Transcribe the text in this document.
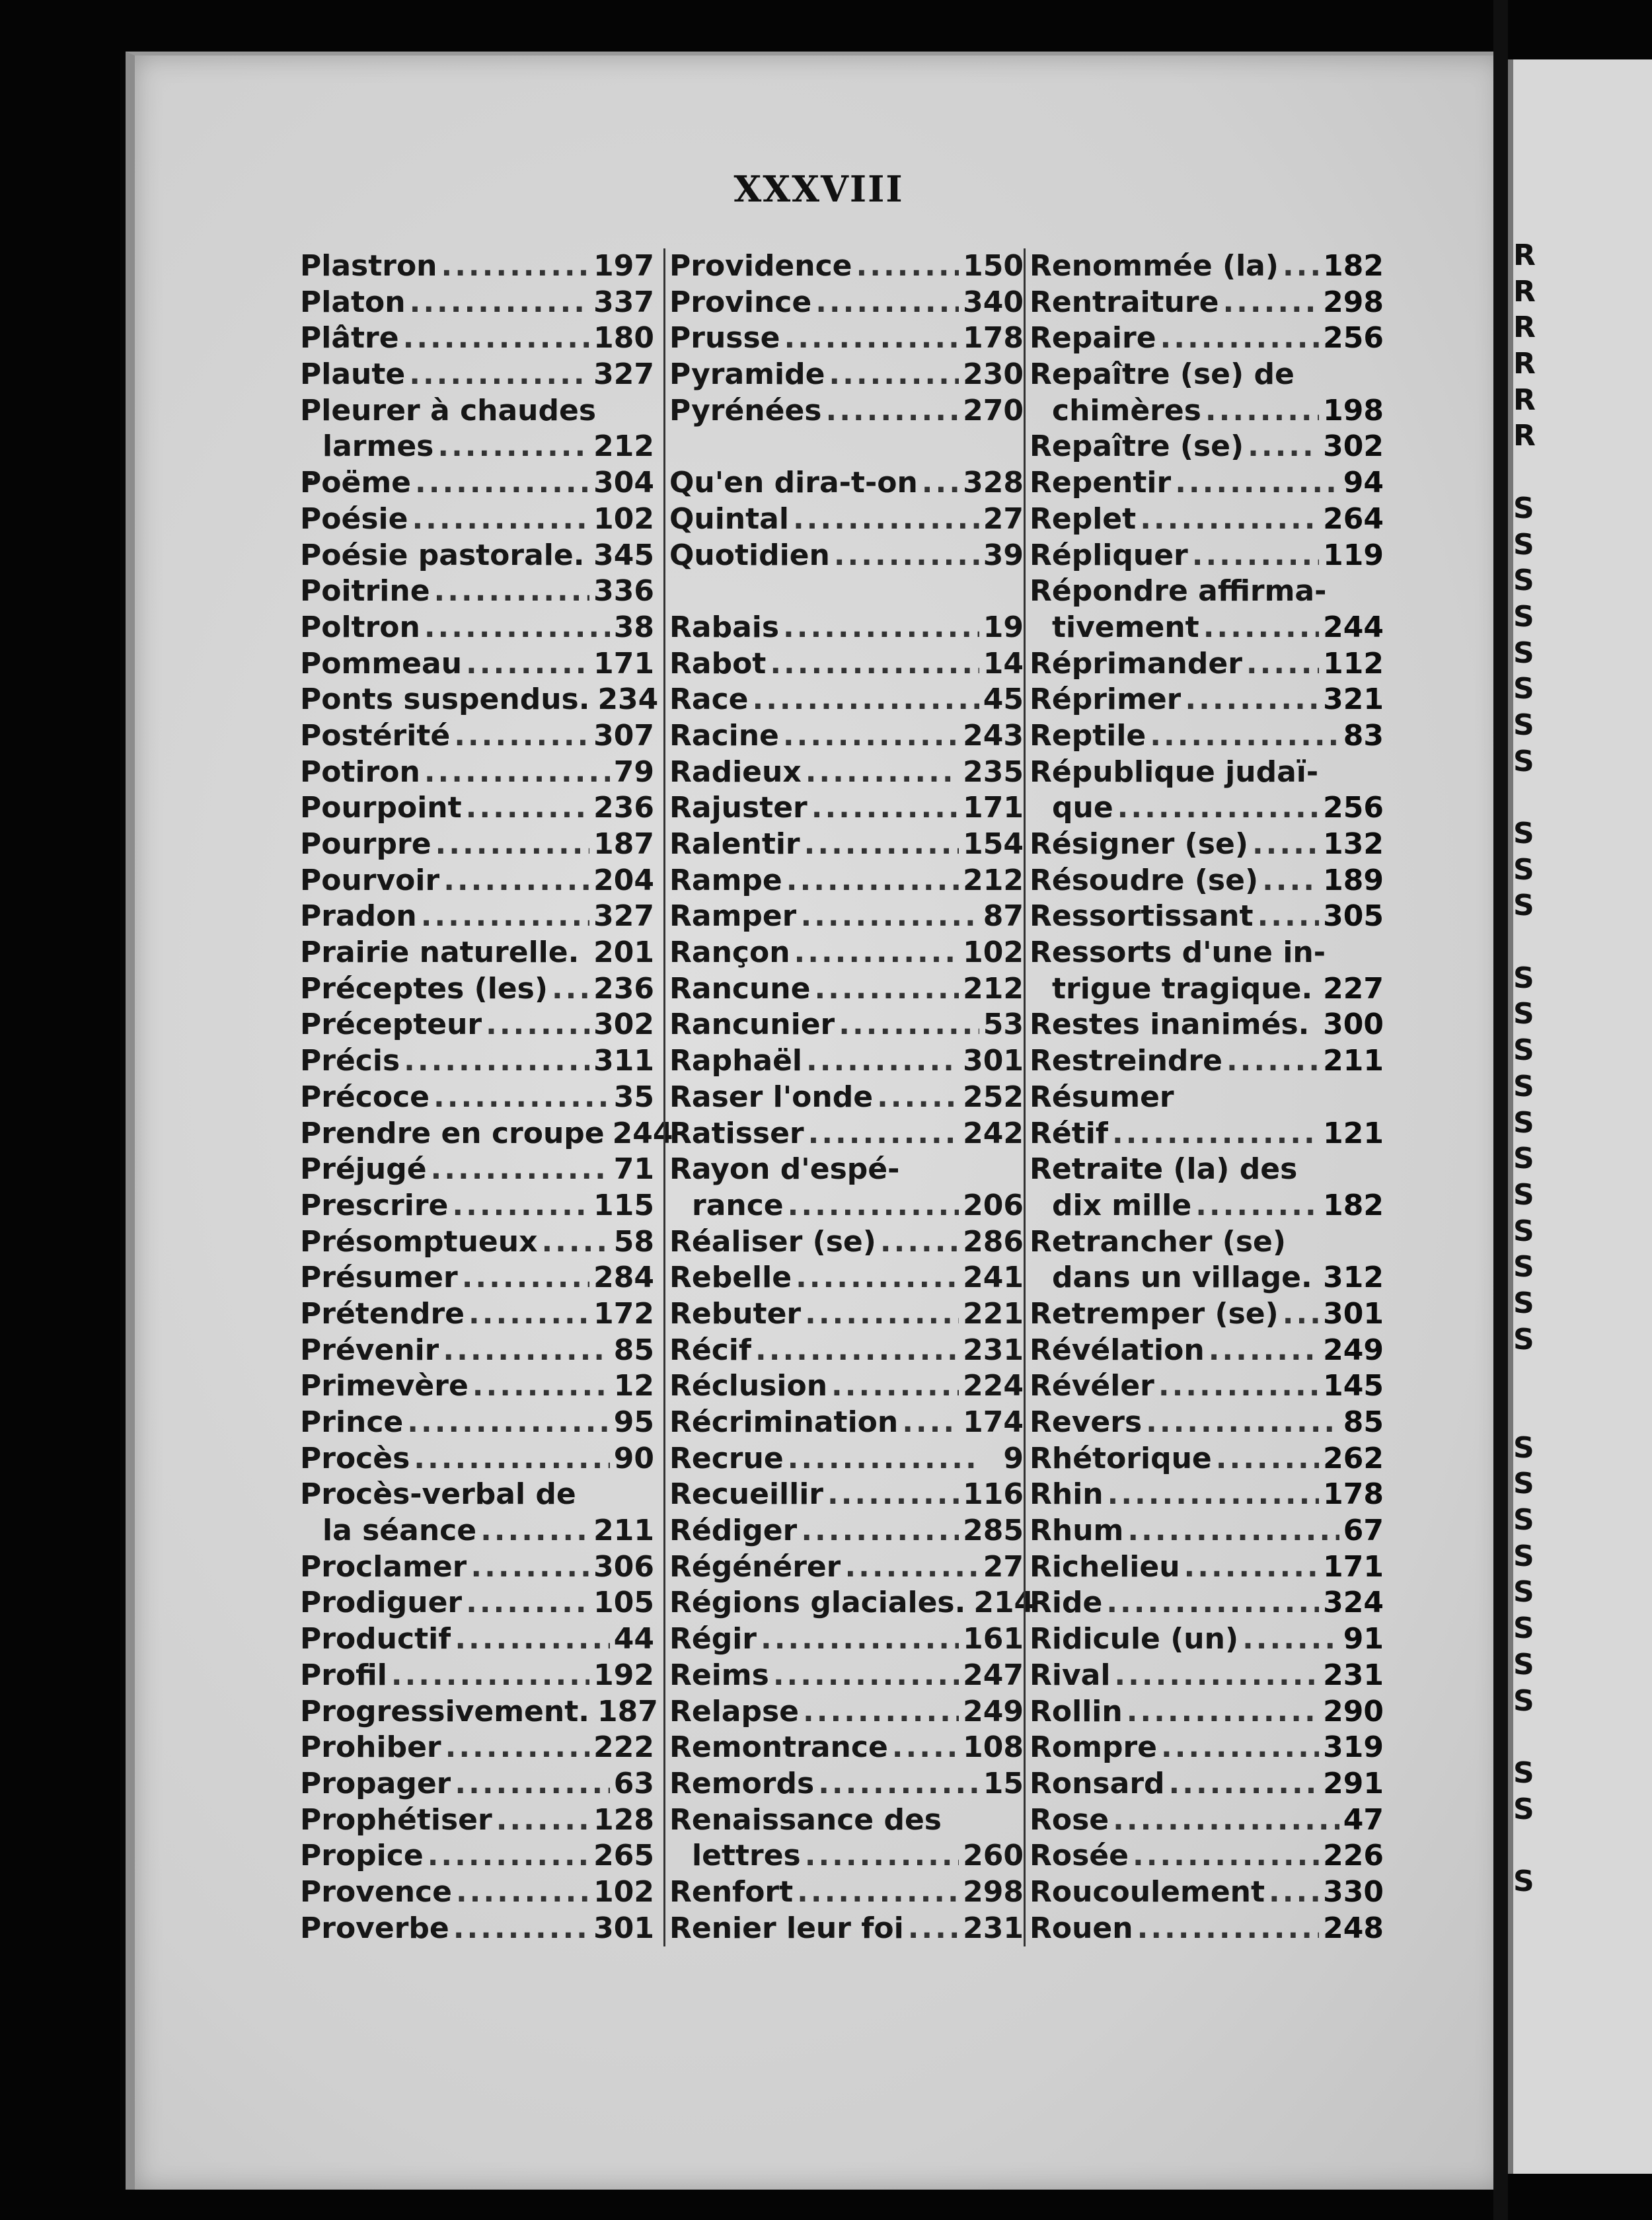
XXXVIII
Plastron .....	197
Platon .....	337
Plâtre .....	180
Plaute .....	327
Pleurer à chaudes
larmes .....	212
Poëme .....	304
Poésie .....	102
Poésie pastorale. 345
Poitrine .....	336
Poltron .....	38
Pommeau .....	171
Ponts suspendus. 234
Postérité .....	307
Potiron .....	79
Pourpoint .....	236
Pourpre .....	187
Pourvoir .....	204
Pradon .....	327
Prairie naturelle. 201
Préceptes (les) ..... 236
Précepteur .....	302
Précis .....	311
Précoce .....	35
Prendre en croupe 244
Préjugé .....	71
Prescrire .....	115
Présomptueux .....	58
Présumer .....	284
Prétendre .....	172
Prévenir .....	85
Primevère .....	12
Prince .....	95
Procès .....	90
Procès-verbal de
la séance .....	211
Proclamer .....	306
Prodiguer .....	105
Productif .....	44
Profil .....	192
Progressivement. 187
Prohiber .....	222
Propager .....	63
Prophétiser .....	128
Propice .....	265
Provence .....	102
Proverbe .....	301
Providence .....	150
Province .....	340
Prusse .....	178
Pyramide .....	230
Pyrénées .....	270
Qu'en dira-t-on ..... 328
Quintal .....	27
Quotidien .....	39
Rabais .....	19
Rabot .....	14
Race .....	45
Racine .....	243
Radieux .....	235
Rajuster .....	171
Ralentir .....	154
Rampe .....	212
Ramper .....	87
Rançon .....	102
Rancune .....	212
Rancunier .....	53
Raphaël .....	301
Raser l'onde .....	252
Ratisser .....	242
Rayon d'espé-
rance .....	206
Réaliser (se) .....	286
Rebelle .....	241
Rebuter .....	221
Récif .....	231
Réclusion .....	224
Récrimination ..... 174
Recrue .....	9
Recueillir .....	116
Rédiger .....	285
Régénérer .....	27
Régions glaciales. 214
Régir .....	161
Reims .....	247
Relapse .....	249
Remontrance .....	108
Remords .....	15
Renaissance des
lettres .....	260
Renfort .....	298
Renier leur foi ..... 231
Renommée (la) ..... 182
Rentraiture .....	298
Repaire .....	256
Repaître (se) de
chimères .....	198
Repaître (se) .....	302
Repentir .....	94
Replet .....	264
Répliquer .....	119
Répondre affirma-
tivement .....	244
Réprimander .....	112
Réprimer .....	321
Reptile .....	83
République judaï-
que .....	256
Résigner (se) .....	132
Résoudre (se) ..... 189
Ressortissant ..... 305
Ressorts d'une in-
trigue tragique. 227
Restes inanimés. 300
Restreindre .....	211
Résumer
Rétif .....	121
Retraite (la) des
dix mille .....	182
Retrancher (se)
dans un village. 312
Retremper (se) ..... 301
Révélation .....	249
Révéler .....	145
Revers .....	85
Rhétorique .....	262
Rhin .....	178
Rhum .....	67
Richelieu .....	171
Ride .....	324
Ridicule (un) .....	91
Rival .....	231
Rollin .....	290
Rompre .....	319
Ronsard .....	291
Rose .....	47
Rosée .....	226
Roucoulement ..... 330
Rouen .....	248
R
R
R
R
R
R
S
S
S
S
S
S
S
S
S
S
S
S
S
S
S
S
S
S
S
S
S
S
S
S
S
S
S
S
S
S
S
S
S
